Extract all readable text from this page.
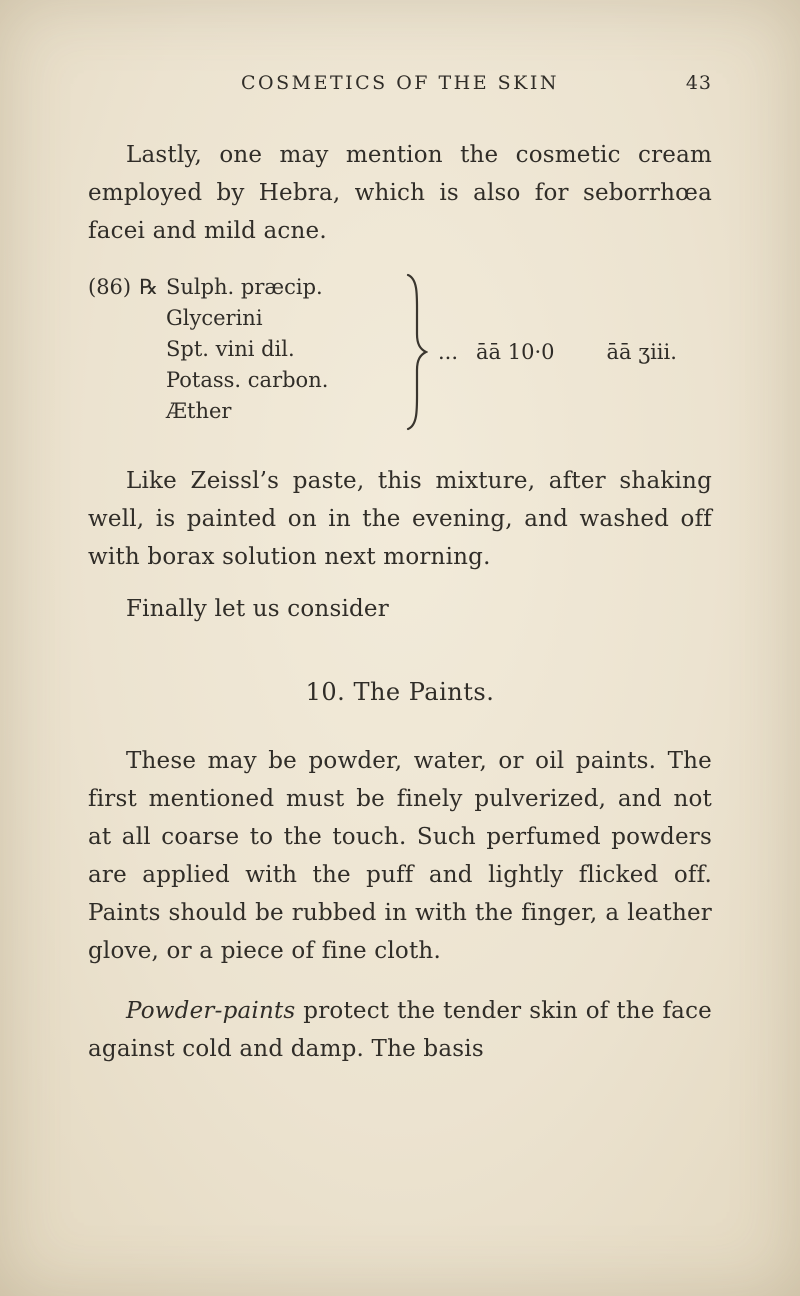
COSMETICS OF THE SKIN	43

Lastly, one may mention the cosmetic cream employed by Hebra, which is also for seborrhœa facei and mild acne.

(86) ℞ Sulph. præcip.
Glycerini
Spt. vini dil.
Potass. carbon.
Æther
... āā 10·0 āā ʒiii.

Like Zeissl’s paste, this mixture, after shaking well, is painted on in the evening, and washed off with borax solution next morning.

Finally let us consider

10. The Paints.

These may be powder, water, or oil paints. The first mentioned must be finely pulverized, and not at all coarse to the touch. Such perfumed powders are applied with the puff and lightly flicked off. Paints should be rubbed in with the finger, a leather glove, or a piece of fine cloth.

Powder-paints protect the tender skin of the face against cold and damp. The basis
